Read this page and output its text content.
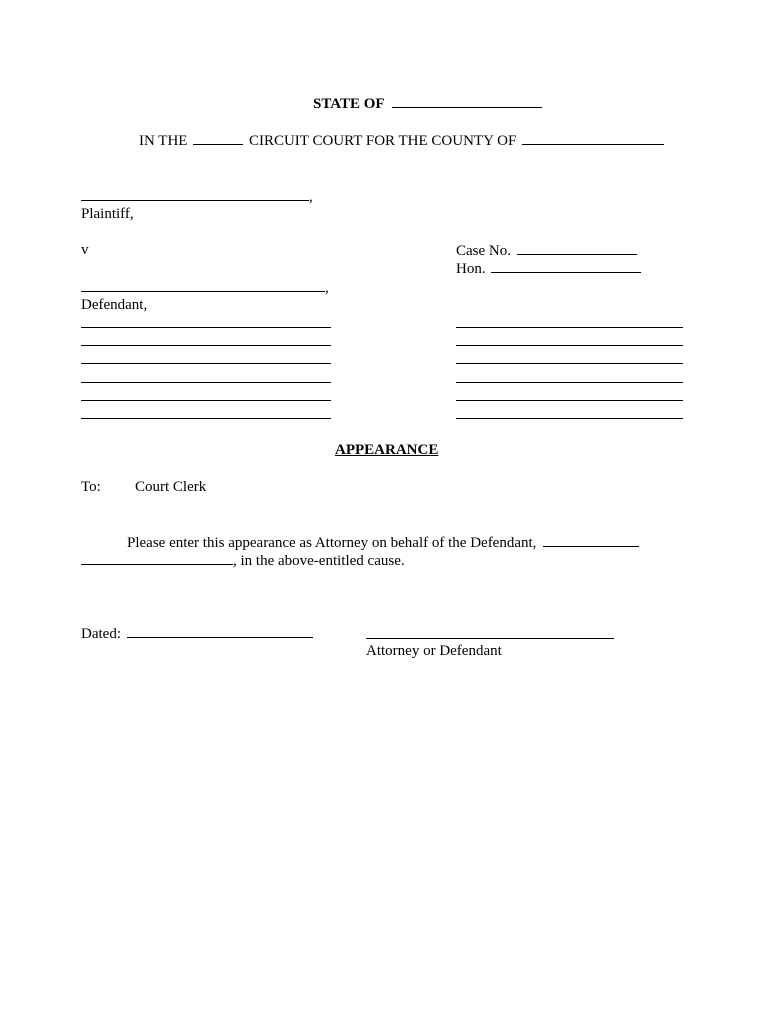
STATE OF
IN THE	CIRCUIT COURT FOR THE COUNTY OF
,
Plaintiff,
v	Case No.
Hon.
,
Defendant,
APPEARANCE
To: Court Clerk
Please enter this appearance as Attorney on behalf of the Defendant,
, in the above-entitled cause.
Dated:
Attorney or Defendant
